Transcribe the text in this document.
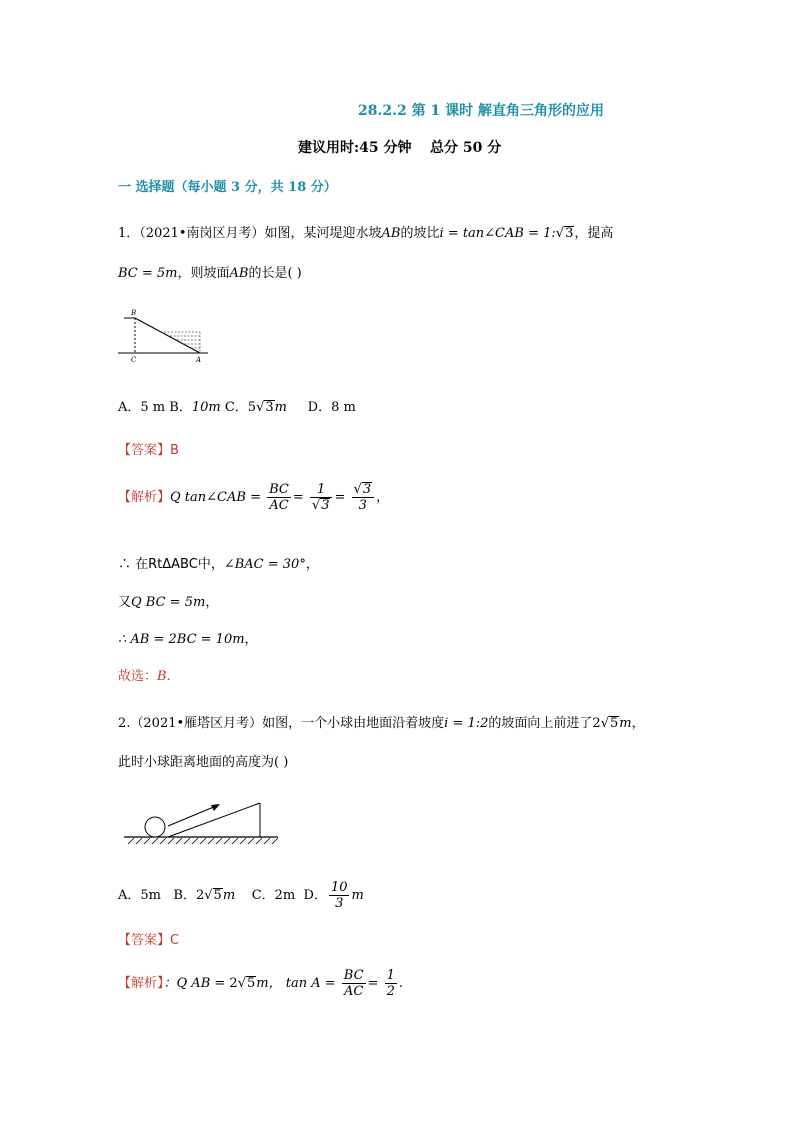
28.2.2 第 1 课时 解直角三角形的应用
建议用时:45 分钟 总分 50 分
一 选择题（每小题 3 分，共 18 分）
1．（2021•南岗区月考）如图，某河堤迎水坡AB的坡比i = tan∠CAB = 1:√3，提高
BC = 5m，则坡面AB的长是( )
B
C	A
A．5 m B．10m C．5√3m D．8 m
【答案】B
【解析】Q tan∠CAB = $\frac{BC}{AC} = \frac{1}{√3} = \frac{√3}{3}$ ，
∴ 在RtΔABC中，∠BAC = 30°，
又Q BC = 5m，
∴ AB = 2BC = 10m，
故选：B．
2.（2021•雁塔区月考）如图，一个小球由地面沿着坡度i = 1:2的坡面向上前进了2√5m，
此时小球距离地面的高度为( )
A．5m B．2√5m C．2m D． $\frac{10}{3}$ m
【答案】C
【解析】：Q AB = 2√5m， $\tan A = \frac{BC}{AC} = \frac{1}{2}$ .
